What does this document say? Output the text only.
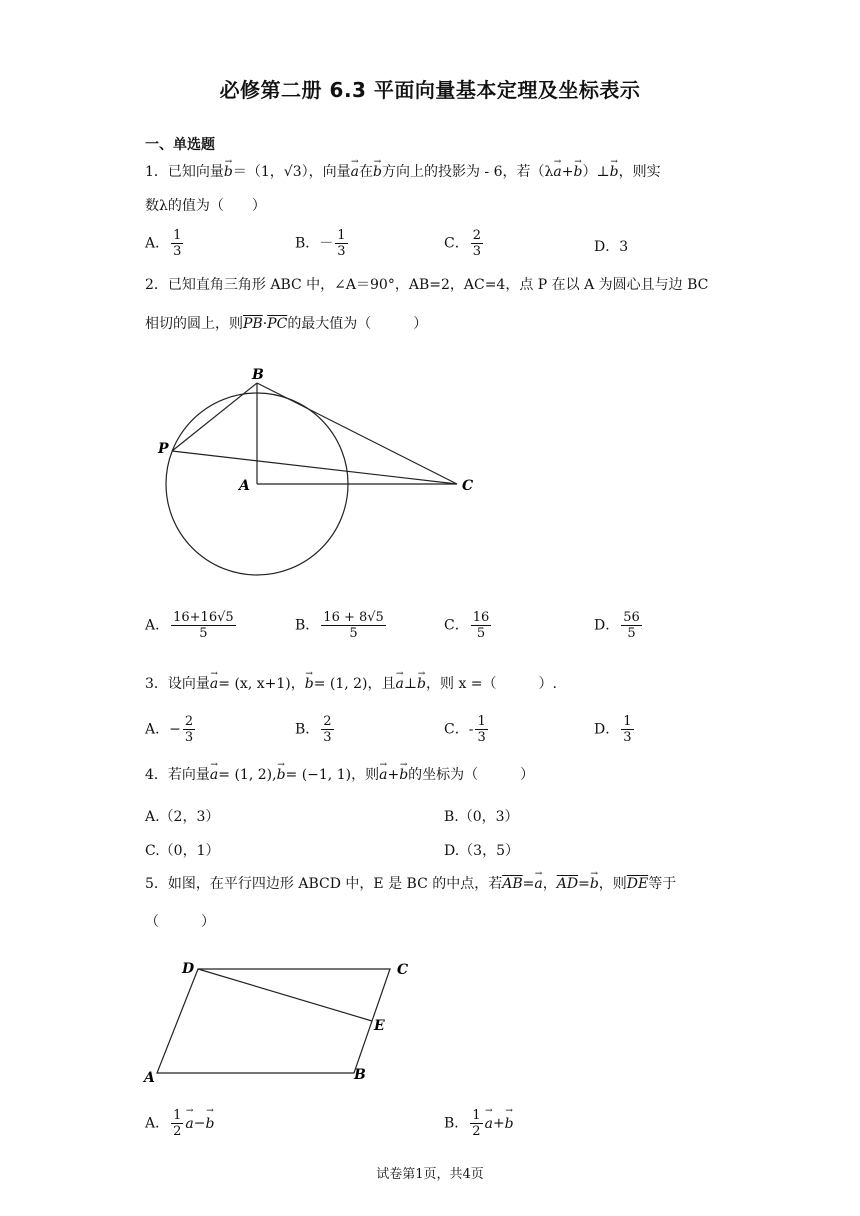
必修第二册 6.3 平面向量基本定理及坐标表示
一、单选题
1．已知向量→ b＝（1，√3），向量→ a在→ b方向上的投影为 - 6，若（λ→ a+→ b）⊥→ b，则实
数λ的值为（　　）
A． $\frac{1}{3}$	B．－ $\frac{1}{3}$	C． $\frac{2}{3}$	D．3
2．已知直角三角形 ABC 中，∠A＝90°，AB=2，AC=4，点 P 在以 A 为圆心且与边 BC
相切的圆上，则$\overline{PB}\cdot\overline{PC}$的最大值为（　　　）
B
P
A	C
A． $\frac{16+16√5}{5}$	B． $\frac{16 + 8√5}{5}$	C． $\frac{16}{5}$	D． $\frac{56}{5}$
3．设向量→ a= (x, x+1)，→ b= (1, 2)，且→ a⊥→ b，则 x =（　　　）.
A．− $\frac{2}{3}$	B． $\frac{2}{3}$	C．- $\frac{1}{3}$	D． $\frac{1}{3}$
4．若向量→ a= (1, 2),→ b= (−1, 1)，则→ a+→ b的坐标为（　　　）
A.（2，3）	B.（0，3）
C.（0，1）	D.（3，5）
5．如图，在平行四边形 ABCD 中，E 是 BC 的中点，若$\overline{AB}=\to a$，$\overline{AD}=\to b$，则$\overline{DE}$等于
（　　　）
D	C
E
A	B
A． $\frac{1}{2} \to a-\to b$	B． $\frac{1}{2} \to a+\to b$
试卷第1页，共4页
